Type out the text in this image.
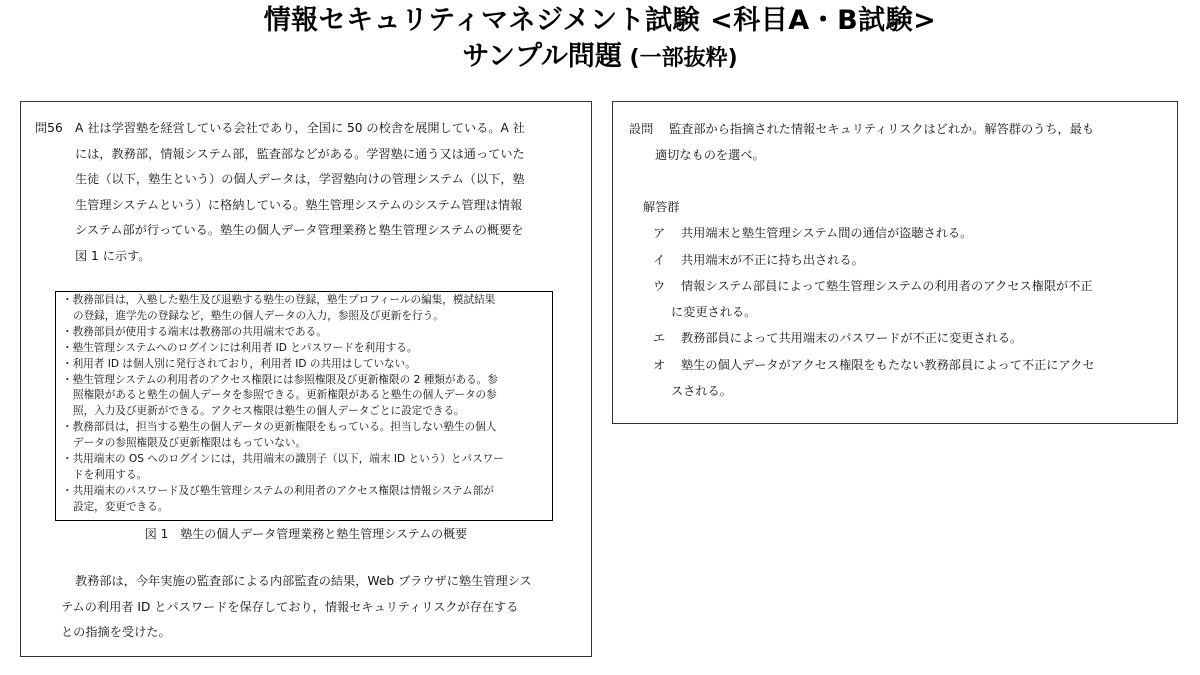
情報セキュリティマネジメント試験 <科目A・B試験>
サンプル問題 (一部抜粋)
問56 A 社は学習塾を経営している会社であり，全国に 50 の校舎を展開している。A 社
には，教務部，情報システム部，監査部などがある。学習塾に通う又は通っていた
生徒（以下，塾生という）の個人データは，学習塾向けの管理システム（以下，塾
生管理システムという）に格納している。塾生管理システムのシステム管理は情報
システム部が行っている。塾生の個人データ管理業務と塾生管理システムの概要を
図 1 に示す。
・教務部員は，入塾した塾生及び退塾する塾生の登録，塾生プロフィールの編集，模試結果
の登録，進学先の登録など，塾生の個人データの入力，参照及び更新を行う。
・教務部員が使用する端末は教務部の共用端末である。
・塾生管理システムへのログインには利用者 ID とパスワードを利用する。
・利用者 ID は個人別に発行されており，利用者 ID の共用はしていない。
・塾生管理システムの利用者のアクセス権限には参照権限及び更新権限の 2 種類がある。参
照権限があると塾生の個人データを参照できる。更新権限があると塾生の個人データの参
照，入力及び更新ができる。アクセス権限は塾生の個人データごとに設定できる。
・教務部員は，担当する塾生の個人データの更新権限をもっている。担当しない塾生の個人
データの参照権限及び更新権限はもっていない。
・共用端末の OS へのログインには，共用端末の識別子（以下，端末 ID という）とパスワー
ドを利用する。
・共用端末のパスワード及び塾生管理システムの利用者のアクセス権限は情報システム部が
設定，変更できる。
図 1　塾生の個人データ管理業務と塾生管理システムの概要
教務部は，今年実施の監査部による内部監査の結果，Web ブラウザに塾生管理シス
テムの利用者 ID とパスワードを保存しており，情報セキュリティリスクが存在する
との指摘を受けた。
設問 監査部から指摘された情報セキュリティリスクはどれか。解答群のうち，最も
適切なものを選べ。
解答群
ア 共用端末と塾生管理システム間の通信が盗聴される。
イ 共用端末が不正に持ち出される。
ウ 情報システム部員によって塾生管理システムの利用者のアクセス権限が不正
に変更される。
エ 教務部員によって共用端末のパスワードが不正に変更される。
オ 塾生の個人データがアクセス権限をもたない教務部員によって不正にアクセ
スされる。
